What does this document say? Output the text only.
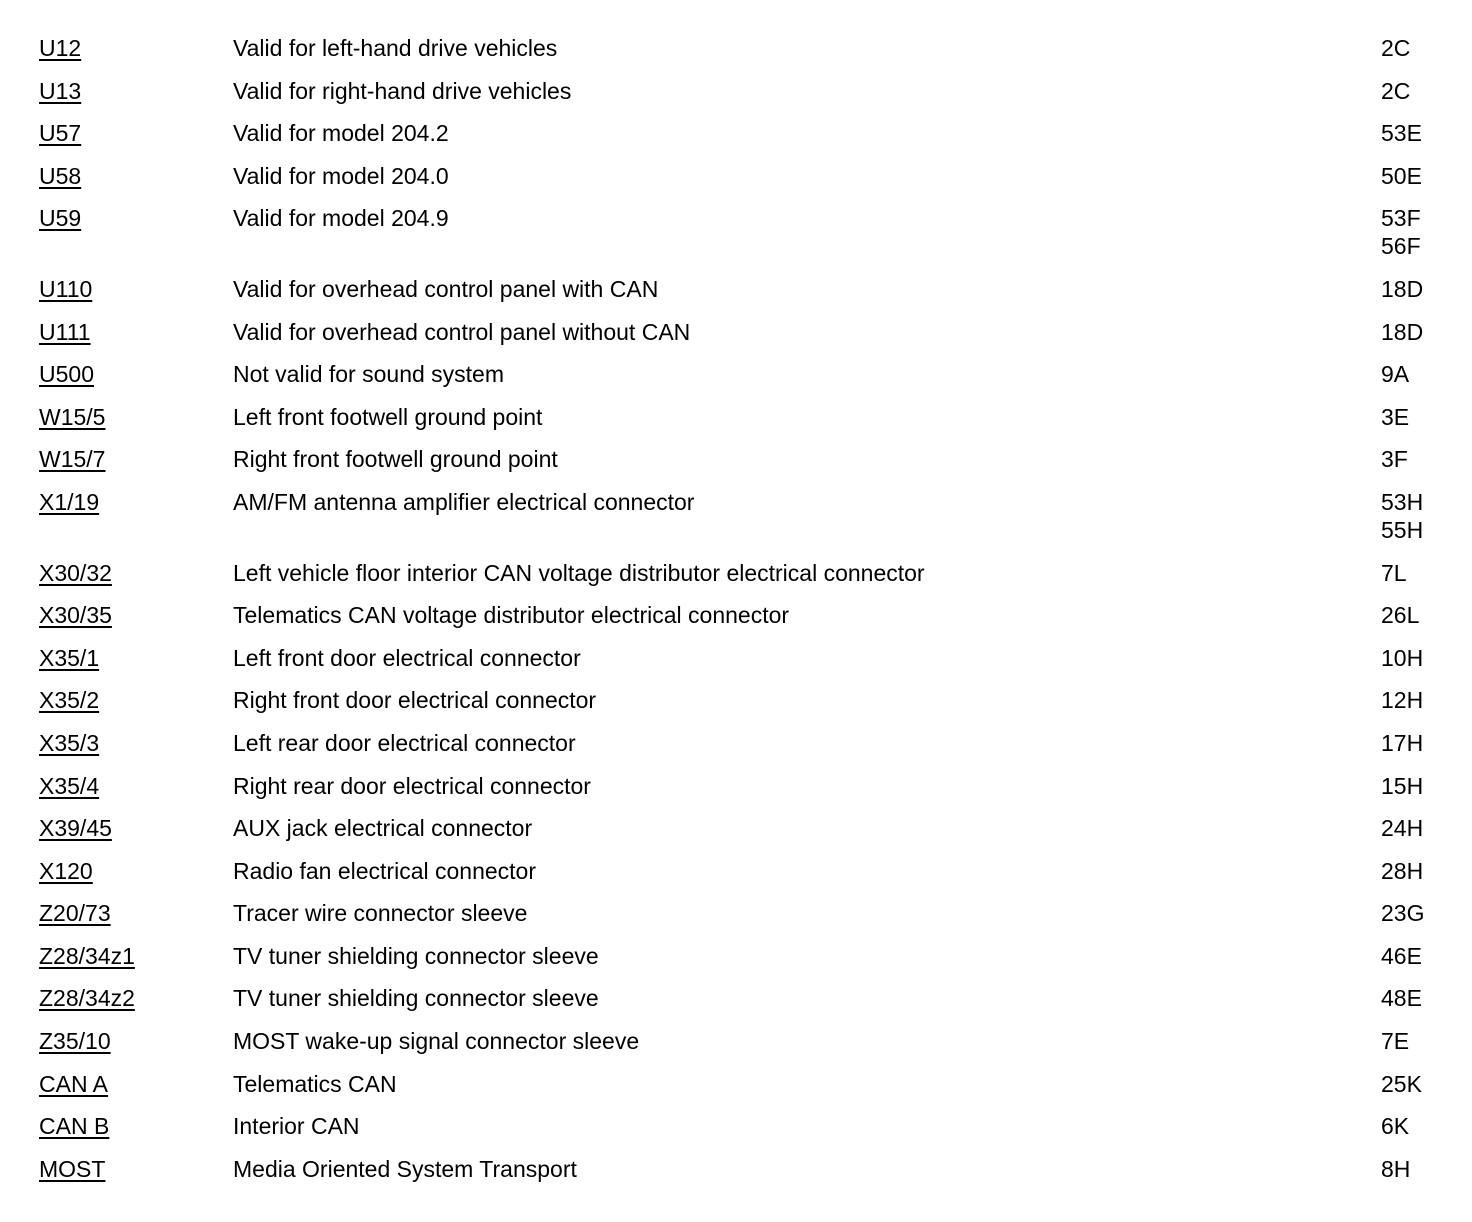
U12	Valid for left-hand drive vehicles	2C
U13	Valid for right-hand drive vehicles	2C
U57	Valid for model 204.2	53E
U58	Valid for model 204.0	50E
U59	Valid for model 204.9	53F
56F
U110	Valid for overhead control panel with CAN	18D
U111	Valid for overhead control panel without CAN	18D
U500	Not valid for sound system	9A
W15/5	Left front footwell ground point	3E
W15/7	Right front footwell ground point	3F
X1/19	AM/FM antenna amplifier electrical connector	53H
55H
X30/32	Left vehicle floor interior CAN voltage distributor electrical connector	7L
X30/35	Telematics CAN voltage distributor electrical connector	26L
X35/1	Left front door electrical connector	10H
X35/2	Right front door electrical connector	12H
X35/3	Left rear door electrical connector	17H
X35/4	Right rear door electrical connector	15H
X39/45	AUX jack electrical connector	24H
X120	Radio fan electrical connector	28H
Z20/73	Tracer wire connector sleeve	23G
Z28/34z1	TV tuner shielding connector sleeve	46E
Z28/34z2	TV tuner shielding connector sleeve	48E
Z35/10	MOST wake-up signal connector sleeve	7E
CAN A	Telematics CAN	25K
CAN B	Interior CAN	6K
MOST	Media Oriented System Transport	8H
